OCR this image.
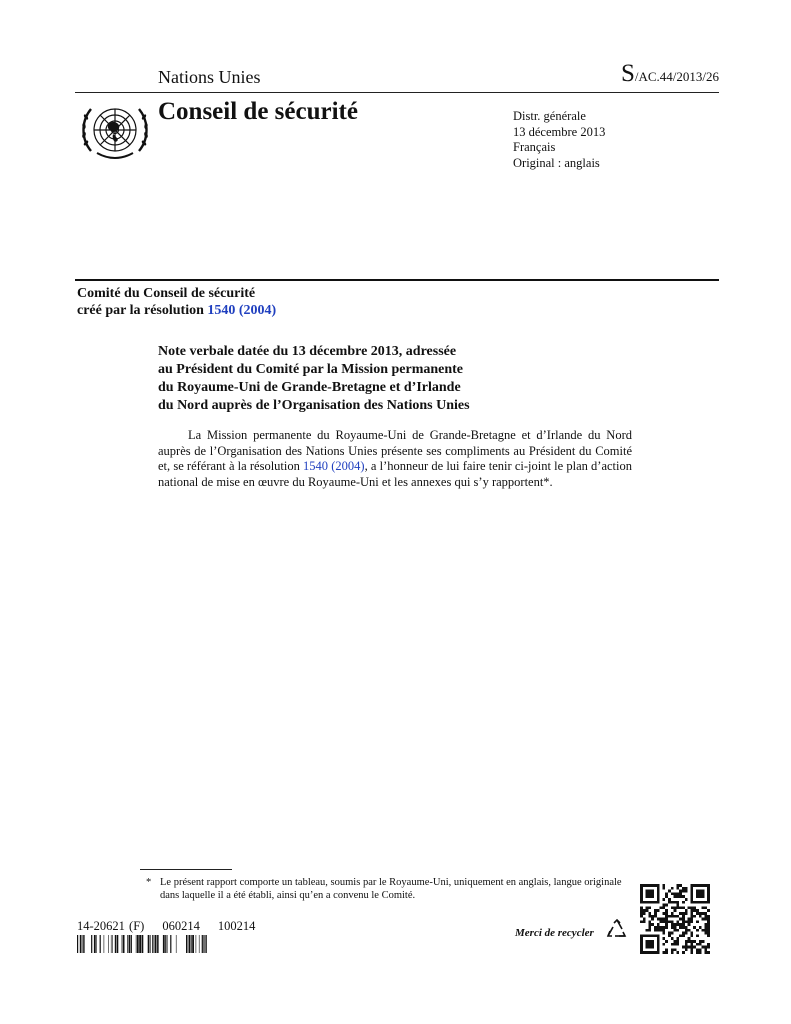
Nations Unies	S/AC.44/2013/26
Conseil de sécurité	Distr. générale
13 décembre 2013
Français
Original : anglais
Comité du Conseil de sécurité
créé par la résolution 1540 (2004)
Note verbale datée du 13 décembre 2013, adressée
au Président du Comité par la Mission permanente
du Royaume-Uni de Grande-Bretagne et d’Irlande
du Nord auprès de l’Organisation des Nations Unies
La Mission permanente du Royaume-Uni de Grande-Bretagne et d’Irlande du Nord auprès de l’Organisation des Nations Unies présente ses compliments au Président du Comité et, se référant à la résolution 1540 (2004), a l’honneur de lui faire tenir ci-joint le plan d’action national de mise en œuvre du Royaume-Uni et les annexes qui s’y rapportent*.
* Le présent rapport comporte un tableau, soumis par le Royaume-Uni, uniquement en anglais, langue originale dans laquelle il a été établi, ainsi qu’en a convenu le Comité.
14-20621 (F) 060214 100214	Merci de recycler
